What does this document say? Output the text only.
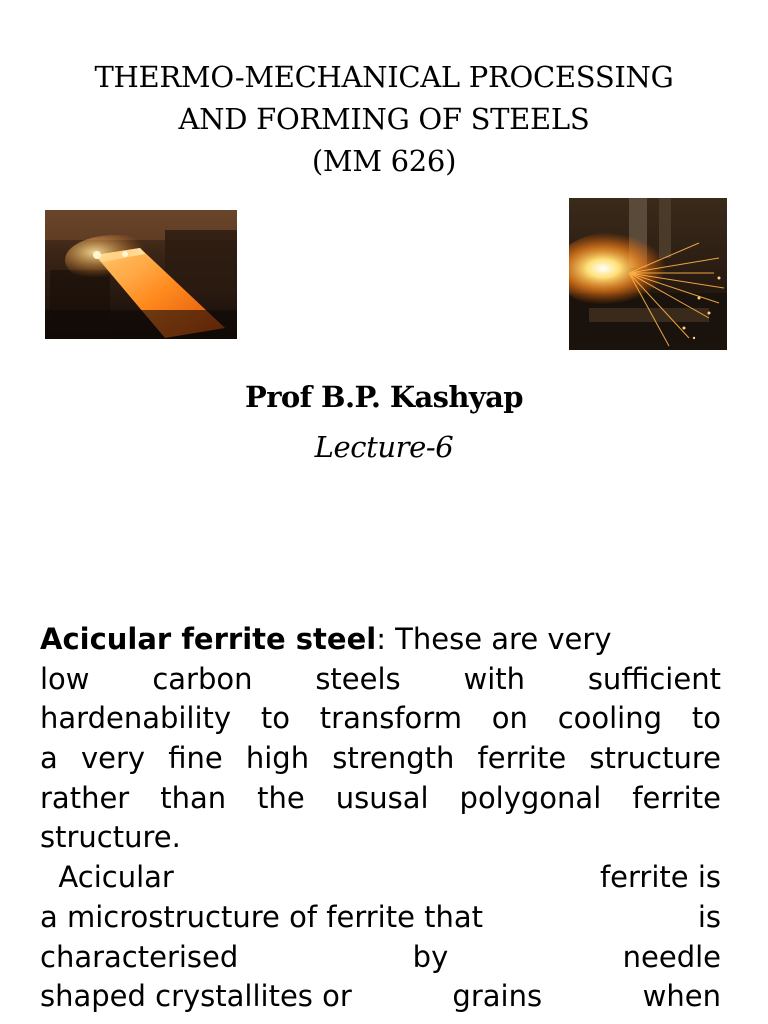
THERMO-MECHANICAL PROCESSING
AND FORMING OF STEELS
(MM 626)
Prof B.P. Kashyap
Lecture-6
Acicular ferrite steel : These are very
low carbon steels with sufficient
hardenability to transform on cooling to
a very fine high strength ferrite structure
rather than the ususal polygonal ferrite
structure.
Acicular	ferrite is
a microstructure of ferrite that	is
characterised	by	needle
shaped crystallites or	grains	when
